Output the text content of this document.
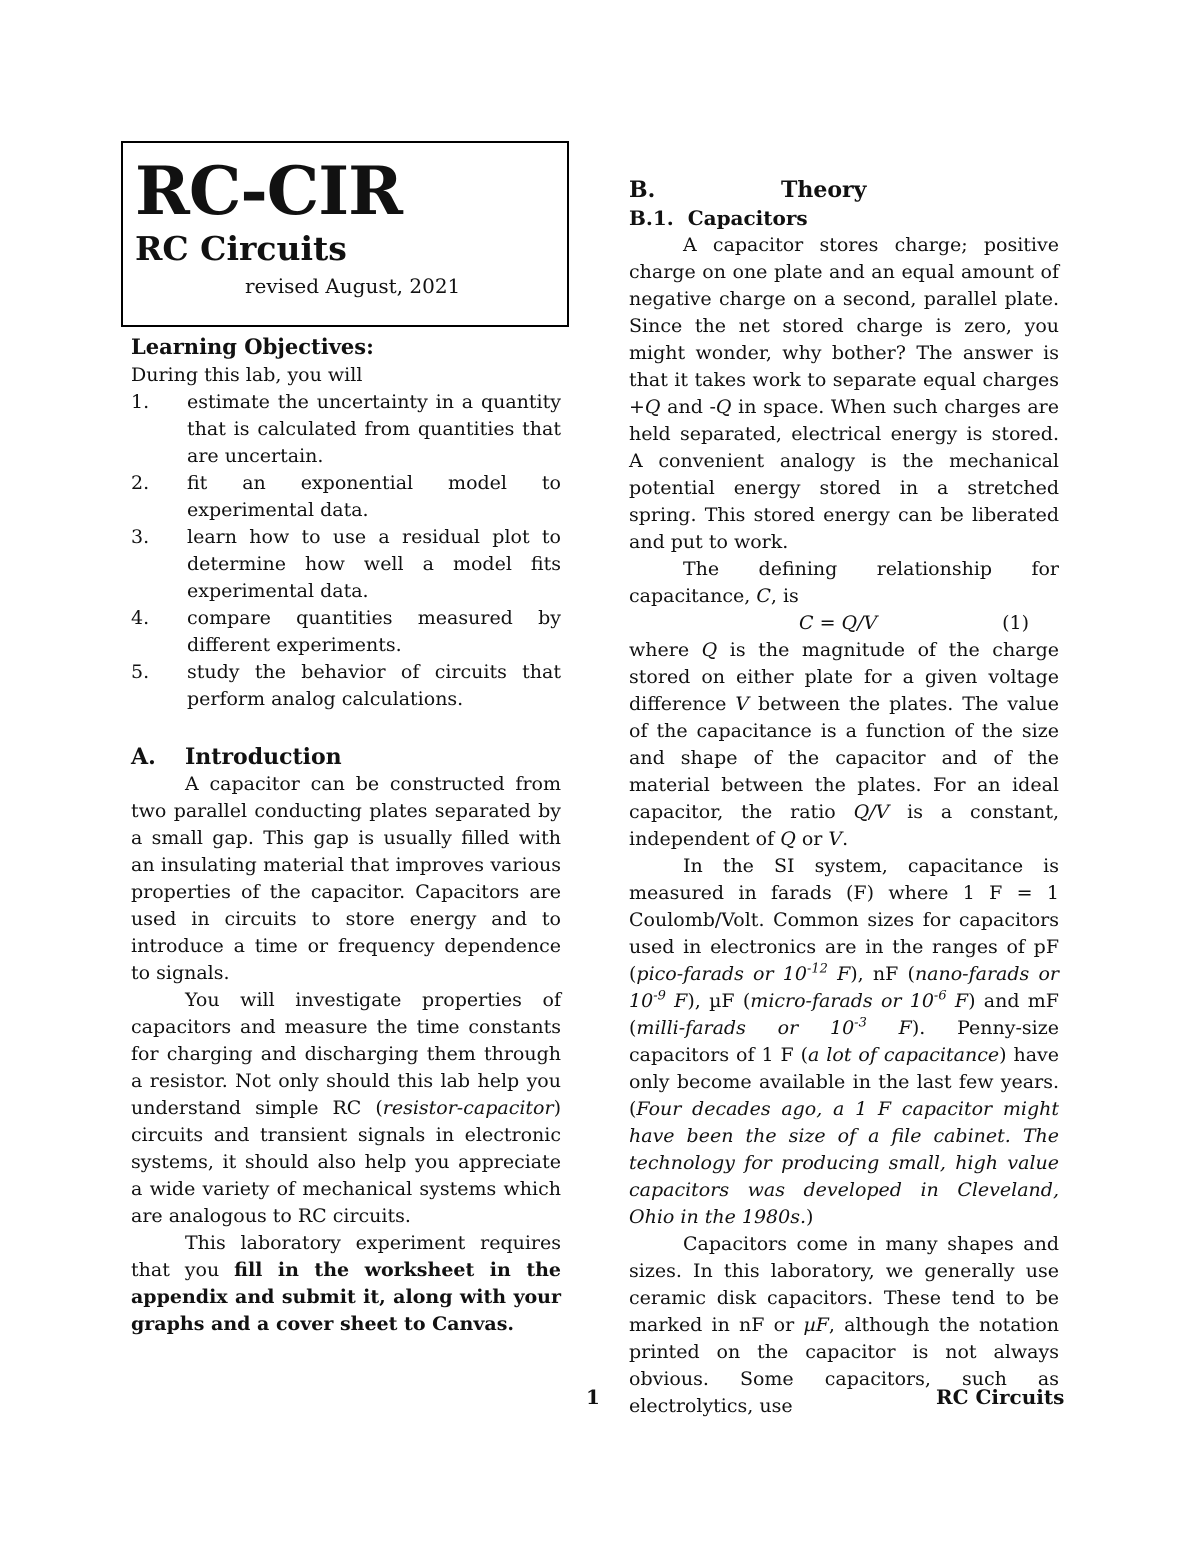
RC-CIR
RC Circuits
revised August, 2021
Learning Objectives:
During this lab, you will
1. estimate the uncertainty in a quantity that is calculated from quantities that are uncertain.
2. fit an exponential model to experimental data.
3. learn how to use a residual plot to determine how well a model fits experimental data.
4. compare quantities measured by different experiments.
5. study the behavior of circuits that perform analog calculations.
A. Introduction

A capacitor can be constructed from two parallel conducting plates separated by a small gap. This gap is usually filled with an insulating material that improves various properties of the capacitor. Capacitors are used in circuits to store energy and to introduce a time or frequency dependence to signals.

You will investigate properties of capacitors and measure the time constants for charging and discharging them through a resistor. Not only should this lab help you understand simple RC (resistor-capacitor) circuits and transient signals in electronic systems, it should also help you appreciate a wide variety of mechanical systems which are analogous to RC circuits.

This laboratory experiment requires that you fill in the worksheet in the appendix and submit it, along with your graphs and a cover sheet to Canvas.

B.	Theory
B.1. Capacitors

A capacitor stores charge; positive charge on one plate and an equal amount of negative charge on a second, parallel plate. Since the net stored charge is zero, you might wonder, why bother? The answer is that it takes work to separate equal charges +Q and -Q in space. When such charges are held separated, electrical energy is stored. A convenient analogy is the mechanical potential energy stored in a stretched spring. This stored energy can be liberated and put to work.

The defining relationship for capacitance, C, is

C = Q/V	(1)

where Q is the magnitude of the charge stored on either plate for a given voltage difference V between the plates. The value of the capacitance is a function of the size and shape of the capacitor and of the material between the plates. For an ideal capacitor, the ratio Q/V is a constant, independent of Q or V.

In the SI system, capacitance is measured in farads (F) where 1 F = 1 Coulomb/Volt. Common sizes for capacitors used in electronics are in the ranges of pF (pico-farads or $10^{-12}$ F), nF (nano-farads or $10^{-9}$ F), µF (micro-farads or $10^{-6}$ F) and mF (milli-farads or $10^{-3}$ F). Penny-size capacitors of 1 F (a lot of capacitance) have only become available in the last few years. (Four decades ago, a 1 F capacitor might have been the size of a file cabinet. The technology for producing small, high value capacitors was developed in Cleveland, Ohio in the 1980s.)

Capacitors come in many shapes and sizes. In this laboratory, we generally use ceramic disk capacitors. These tend to be marked in nF or µF, although the notation printed on the capacitor is not always obvious. Some capacitors, such as electrolytics, use

1	RC Circuits
